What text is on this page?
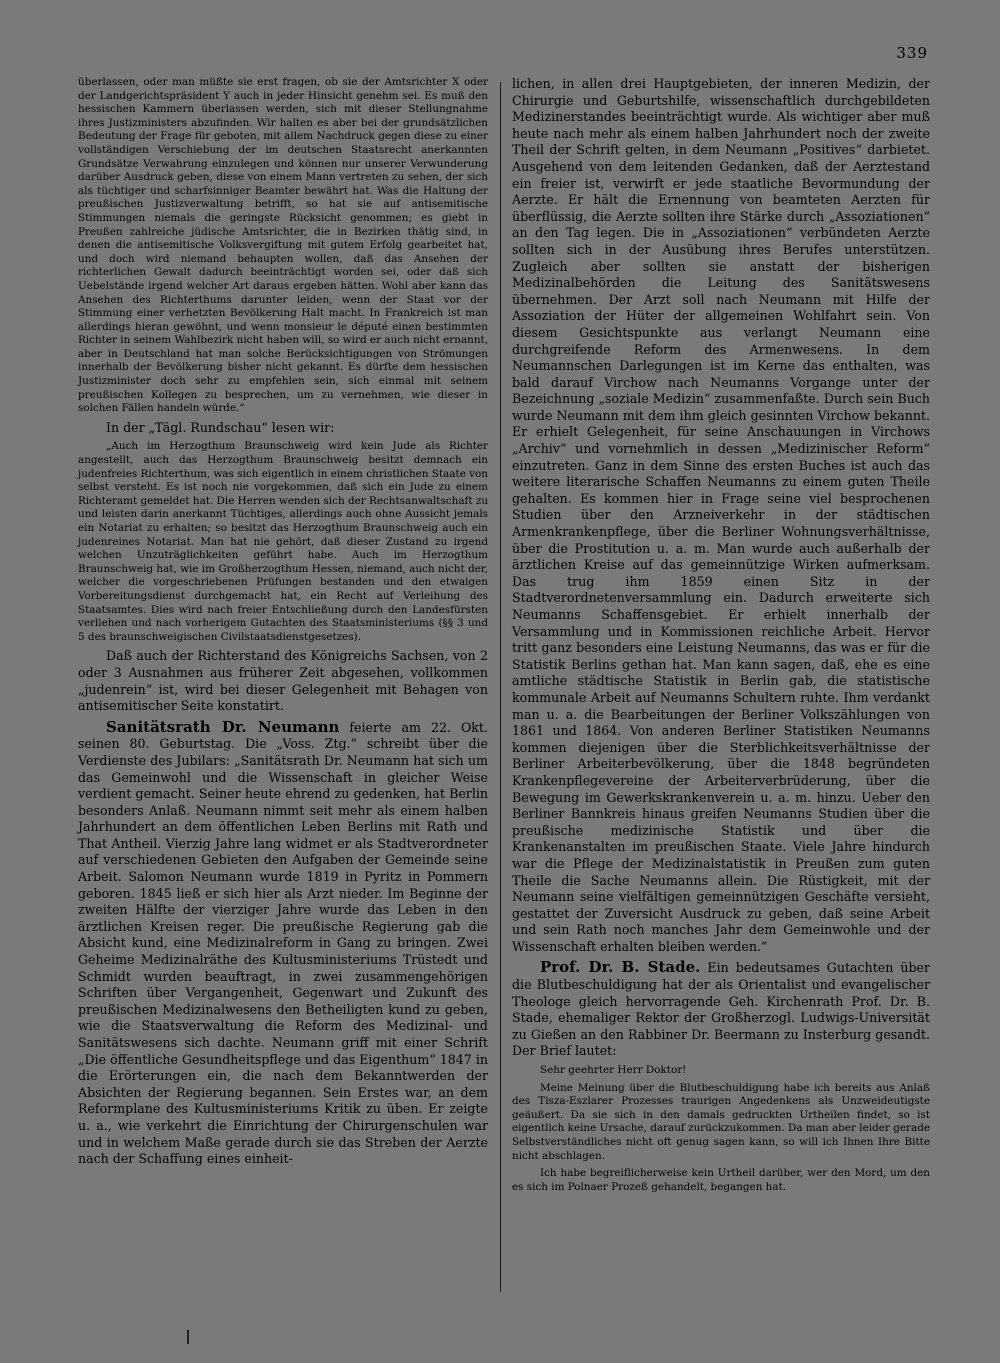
339

überlassen, oder man müßte sie erst fragen, ob sie der Amtsrichter X oder der Landgerichtspräsident Y auch in jeder Hinsicht genehm sei. Es muß den hessischen Kammern überlassen werden, sich mit dieser Stellungnahme ihres Justizministers abzufinden. Wir halten es aber bei der grundsätzlichen Bedeutung der Frage für geboten, mit allem Nachdruck gegen diese zu einer vollständigen Verschiebung der im deutschen Staatsrecht anerkannten Grundsätze Verwahrung einzulegen und können nur unserer Verwunderung darüber Ausdruck geben, diese von einem Mann vertreten zu sehen, der sich als tüchtiger und scharfsinniger Beamter bewährt hat. Was die Haltung der preußischen Justizverwaltung betrifft, so hat sie auf antisemitische Stimmungen niemals die geringste Rücksicht genommen; es giebt in Preußen zahlreiche jüdische Amtsrichter, die in Bezirken thätig sind, in denen die antisemitische Volksvergiftung mit gutem Erfolg gearbeitet hat, und doch wird niemand behaupten wollen, daß das Ansehen der richterlichen Gewalt dadurch beeinträchtigt worden sei, oder daß sich Uebelstände irgend welcher Art daraus ergeben hätten. Wohl aber kann das Ansehen des Richterthums darunter leiden, wenn der Staat vor der Stimmung einer verhetzten Bevölkerung Halt macht. In Frankreich ist man allerdings hieran gewöhnt, und wenn monsieur le député einen bestimmten Richter in seinem Wahlbezirk nicht haben will, so wird er auch nicht ernannt, aber in Deutschland hat man solche Berücksichtigungen von Strömungen innerhalb der Bevölkerung bisher nicht gekannt. Es dürfte dem hessischen Justizminister doch sehr zu empfehlen sein, sich einmal mit seinem preußischen Kollegen zu besprechen, um zu vernehmen, wie dieser in solchen Fällen handeln würde.“

In der „Tägl. Rundschau“ lesen wir:

„Auch im Herzogthum Braunschweig wird kein Jude als Richter angestellt, auch das Herzogthum Braunschweig besitzt demnach ein judenfreies Richterthum, was sich eigentlich in einem christlichen Staate von selbst versteht. Es ist noch nie vorgekommen, daß sich ein Jude zu einem Richteramt gemeldet hat. Die Herren wenden sich der Rechtsanwaltschaft zu und leisten darin anerkannt Tüchtiges, allerdings auch ohne Aussicht jemals ein Notariat zu erhalten; so besitzt das Herzogthum Braunschweig auch ein judenreines Notariat. Man hat nie gehört, daß dieser Zustand zu irgend welchen Unzuträglichkeiten geführt habe. Auch im Herzogthum Braunschweig hat, wie im Großherzogthum Hessen, niemand, auch nicht der, welcher die vorgeschriebenen Prüfungen bestanden und den etwaigen Vorbereitungsdienst durchgemacht hat, ein Recht auf Verleihung des Staatsamtes. Dies wird nach freier Entschließung durch den Landesfürsten verliehen und nach vorherigem Gutachten des Staatsministeriums (§§ 3 und 5 des braunschweigischen Civilstaatsdienstgesetzes).

Daß auch der Richterstand des Königreichs Sachsen, von 2 oder 3 Ausnahmen aus früherer Zeit abgesehen, vollkommen „judenrein“ ist, wird bei dieser Gelegenheit mit Behagen von antisemitischer Seite konstatirt.

Sanitätsrath Dr. Neumann feierte am 22. Okt. seinen 80. Geburtstag. Die „Voss. Ztg.“ schreibt über die Verdienste des Jubilars: „Sanitätsrath Dr. Neumann hat sich um das Gemeinwohl und die Wissenschaft in gleicher Weise verdient gemacht. Seiner heute ehrend zu gedenken, hat Berlin besonders Anlaß. Neumann nimmt seit mehr als einem halben Jahrhundert an dem öffentlichen Leben Berlins mit Rath und That Antheil. Vierzig Jahre lang widmet er als Stadtverordneter auf verschiedenen Gebieten den Aufgaben der Gemeinde seine Arbeit. Salomon Neumann wurde 1819 in Pyritz in Pommern geboren. 1845 ließ er sich hier als Arzt nieder. Im Beginne der zweiten Hälfte der vierziger Jahre wurde das Leben in den ärztlichen Kreisen reger. Die preußische Regierung gab die Absicht kund, eine Medizinalreform in Gang zu bringen. Zwei Geheime Medizinalräthe des Kultusministeriums Trüstedt und Schmidt wurden beauftragt, in zwei zusammengehörigen Schriften über Vergangenheit, Gegenwart und Zukunft des preußischen Medizinalwesens den Betheiligten kund zu geben, wie die Staatsverwaltung die Reform des Medizinal- und Sanitätswesens sich dachte. Neumann griff mit einer Schrift „Die öffentliche Gesundheitspflege und das Eigenthum“ 1847 in die Erörterungen ein, die nach dem Bekanntwerden der Absichten der Regierung begannen. Sein Erstes war, an dem Reformplane des Kultusministeriums Kritik zu üben. Er zeigte u. a., wie verkehrt die Einrichtung der Chirurgenschulen war und in welchem Maße gerade durch sie das Streben der Aerzte nach der Schaffung eines einheit-

lichen, in allen drei Hauptgebieten, der inneren Medizin, der Chirurgie und Geburtshilfe, wissenschaftlich durchgebildeten Medizinerstandes beeinträchtigt wurde. Als wichtiger aber muß heute nach mehr als einem halben Jahrhundert noch der zweite Theil der Schrift gelten, in dem Neumann „Positives“ darbietet. Ausgehend von dem leitenden Gedanken, daß der Aerztestand ein freier ist, verwirft er jede staatliche Bevormundung der Aerzte. Er hält die Ernennung von beamteten Aerzten für überflüssig, die Aerzte sollten ihre Stärke durch „Assoziationen“ an den Tag legen. Die in „Assoziationen“ verbündeten Aerzte sollten sich in der Ausübung ihres Berufes unterstützen. Zugleich aber sollten sie anstatt der bisherigen Medizinalbehörden die Leitung des Sanitätswesens übernehmen. Der Arzt soll nach Neumann mit Hilfe der Assoziation der Hüter der allgemeinen Wohlfahrt sein. Von diesem Gesichtspunkte aus verlangt Neumann eine durchgreifende Reform des Armenwesens. In dem Neumannschen Darlegungen ist im Kerne das enthalten, was bald darauf Virchow nach Neumanns Vorgange unter der Bezeichnung „soziale Medizin“ zusammenfaßte. Durch sein Buch wurde Neumann mit dem ihm gleich gesinnten Virchow bekannt. Er erhielt Gelegenheit, für seine Anschauungen in Virchows „Archiv“ und vornehmlich in dessen „Medizinischer Reform“ einzutreten. Ganz in dem Sinne des ersten Buches ist auch das weitere literarische Schaffen Neumanns zu einem guten Theile gehalten. Es kommen hier in Frage seine viel besprochenen Studien über den Arzneiverkehr in der städtischen Armenkrankenpflege, über die Berliner Wohnungsverhältnisse, über die Prostitution u. a. m. Man wurde auch außerhalb der ärztlichen Kreise auf das gemeinnützige Wirken aufmerksam. Das trug ihm 1859 einen Sitz in der Stadtverordnetenversammlung ein. Dadurch erweiterte sich Neumanns Schaffensgebiet. Er erhielt innerhalb der Versammlung und in Kommissionen reichliche Arbeit. Hervor tritt ganz besonders eine Leistung Neumanns, das was er für die Statistik Berlins gethan hat. Man kann sagen, daß, ehe es eine amtliche städtische Statistik in Berlin gab, die statistische kommunale Arbeit auf Neumanns Schultern ruhte. Ihm verdankt man u. a. die Bearbeitungen der Berliner Volkszählungen von 1861 und 1864. Von anderen Berliner Statistiken Neumanns kommen diejenigen über die Sterblichkeitsverhältnisse der Berliner Arbeiterbevölkerung, über die 1848 begründeten Krankenpflegevereine der Arbeiterverbrüderung, über die Bewegung im Gewerkskrankenverein u. a. m. hinzu. Ueber den Berliner Bannkreis hinaus greifen Neumanns Studien über die preußische medizinische Statistik und über die Krankenanstalten im preußischen Staate. Viele Jahre hindurch war die Pflege der Medizinalstatistik in Preußen zum guten Theile die Sache Neumanns allein. Die Rüstigkeit, mit der Neumann seine vielfältigen gemeinnützigen Geschäfte versieht, gestattet der Zuversicht Ausdruck zu geben, daß seine Arbeit und sein Rath noch manches Jahr dem Gemeinwohle und der Wissenschaft erhalten bleiben werden.“

Prof. Dr. B. Stade. Ein bedeutsames Gutachten über die Blutbeschuldigung hat der als Orientalist und evangelischer Theologe gleich hervorragende Geh. Kirchenrath Prof. Dr. B. Stade, ehemaliger Rektor der Großherzogl. Ludwigs-Universität zu Gießen an den Rabbiner Dr. Beermann zu Insterburg gesandt. Der Brief lautet:

Sehr geehrter Herr Doktor!

Meine Meinung über die Blutbeschuldigung habe ich bereits aus Anlaß des Tisza-Eszlarer Prozesses traurigen Angedenkens als Unzweideutigste geäußert. Da sie sich in den damals gedruckten Urtheilen findet, so ist eigentlich keine Ursache, darauf zurückzukommen. Da man aber leider gerade Selbstverständliches nicht oft genug sagen kann, so will ich Ihnen Ihre Bitte nicht abschlagen.

Ich habe begreiflicherweise kein Urtheil darüber, wer den Mord, um den es sich im Polnaer Prozeß gehandelt, begangen hat.
